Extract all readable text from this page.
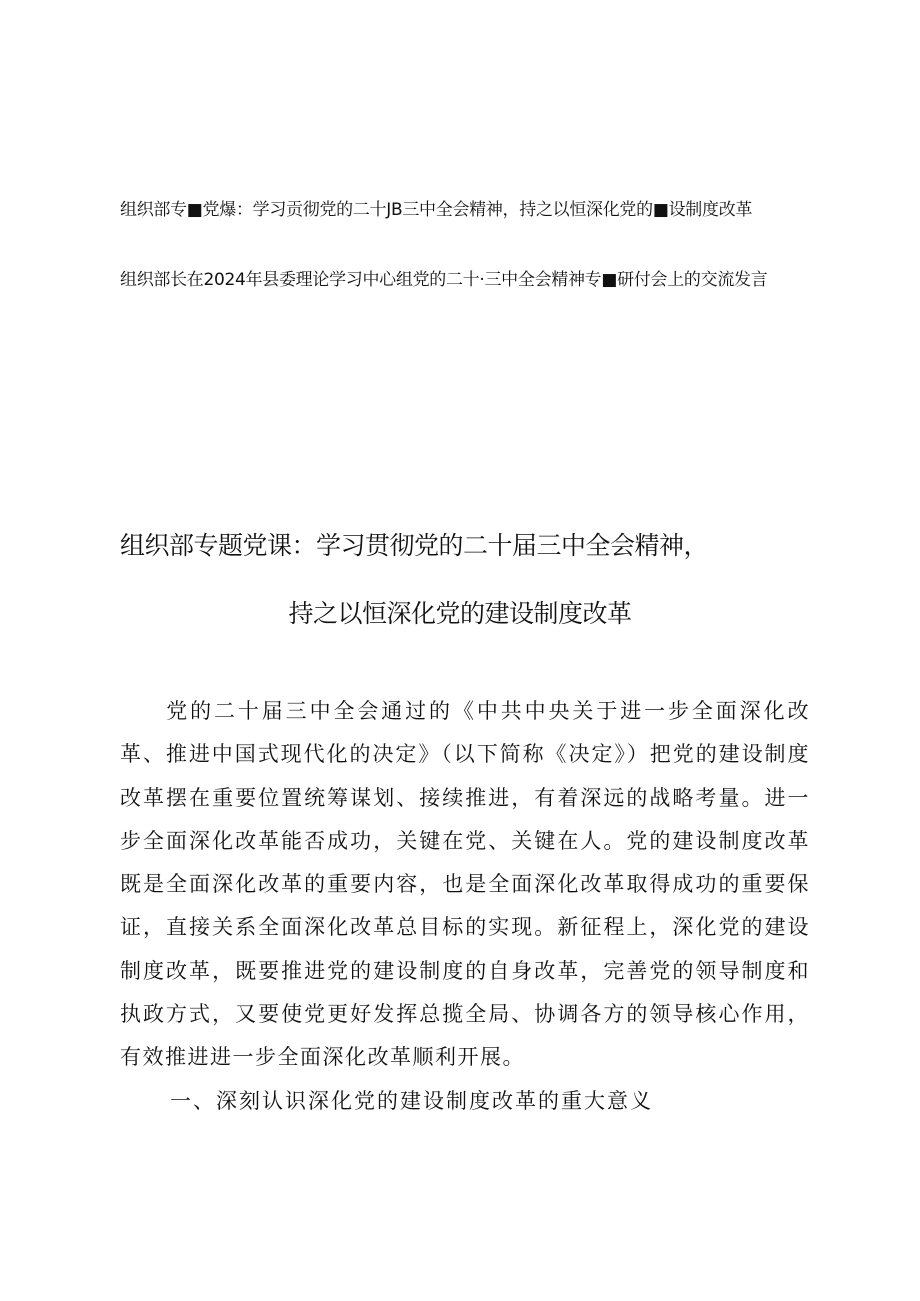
组织部专■党爆：学习贡彻党的二十JB三中全会精神，持之以恒深化党的■设制度改革

组织部长在2024年县委理论学习中心组党的二十·三中全会精神专■研付会上的交流发言

组织部专题党课：学习贯彻党的二十届三中全会精神，
持之以恒深化党的建设制度改革

党的二十届三中全会通过的《中共中央关于进一步全面深化改革、推进中国式现代化的决定》（以下简称《决定》）把党的建设制度改革摆在重要位置统筹谋划、接续推进，有着深远的战略考量。进一步全面深化改革能否成功，关键在党、关键在人。党的建设制度改革既是全面深化改革的重要内容，也是全面深化改革取得成功的重要保证，直接关系全面深化改革总目标的实现。新征程上，深化党的建设制度改革，既要推进党的建设制度的自身改革，完善党的领导制度和执政方式，又要使党更好发挥总揽全局、协调各方的领导核心作用，有效推进进一步全面深化改革顺利开展。

一、深刻认识深化党的建设制度改革的重大意义
